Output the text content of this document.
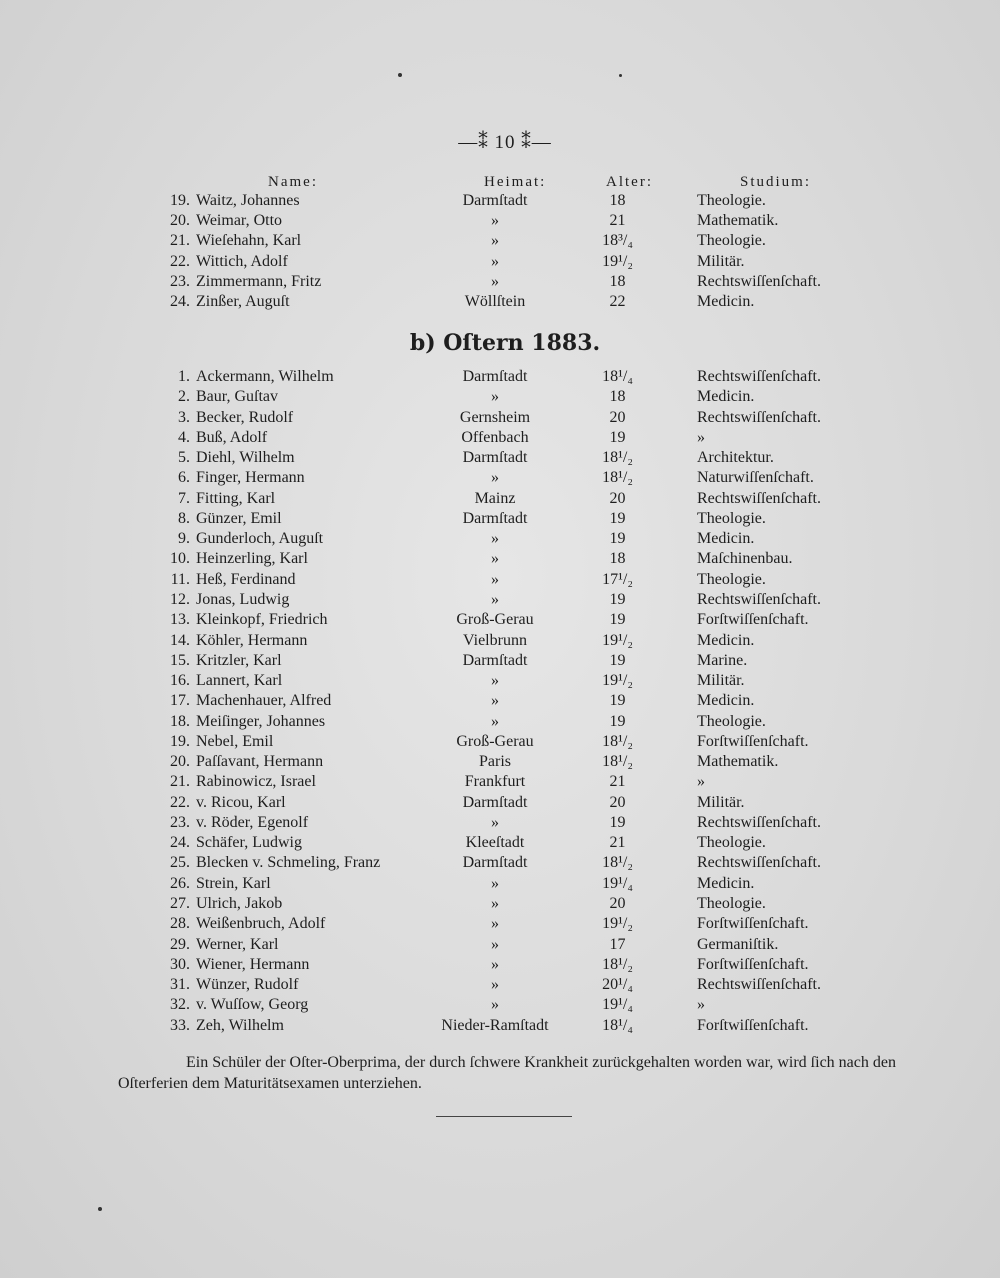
—⁑ 10 ⁑—
Name:	Heimat:	Alter:	Studium:
19. Waitz, Johannes	Darmſtadt	18	Theologie.
20. Weimar, Otto	»	21	Mathematik.
21. Wieſehahn, Karl	»	18³/₄	Theologie.
22. Wittich, Adolf	»	19¹/₂	Militär.
23. Zimmermann, Fritz	»	18	Rechtswiſſenſchaft.
24. Zinßer, Auguſt	Wöllſtein	22	Medicin.
b) Oſtern 1883.
1. Ackermann, Wilhelm	Darmſtadt	18¹/₄	Rechtswiſſenſchaft.
2. Baur, Guſtav	»	18	Medicin.
3. Becker, Rudolf	Gernsheim	20	Rechtswiſſenſchaft.
4. Buß, Adolf	Offenbach	19	»
5. Diehl, Wilhelm	Darmſtadt	18¹/₂	Architektur.
6. Finger, Hermann	»	18¹/₂	Naturwiſſenſchaft.
7. Fitting, Karl	Mainz	20	Rechtswiſſenſchaft.
8. Günzer, Emil	Darmſtadt	19	Theologie.
9. Gunderloch, Auguſt	»	19	Medicin.
10. Heinzerling, Karl	»	18	Maſchinenbau.
11. Heß, Ferdinand	»	17¹/₂	Theologie.
12. Jonas, Ludwig	»	19	Rechtswiſſenſchaft.
13. Kleinkopf, Friedrich	Groß-Gerau	19	Forſtwiſſenſchaft.
14. Köhler, Hermann	Vielbrunn	19¹/₂	Medicin.
15. Kritzler, Karl	Darmſtadt	19	Marine.
16. Lannert, Karl	»	19¹/₂	Militär.
17. Machenhauer, Alfred	»	19	Medicin.
18. Meiſinger, Johannes	»	19	Theologie.
19. Nebel, Emil	Groß-Gerau	18¹/₂	Forſtwiſſenſchaft.
20. Paſſavant, Hermann	Paris	18¹/₂	Mathematik.
21. Rabinowicz, Israel	Frankfurt	21	»
22. v. Ricou, Karl	Darmſtadt	20	Militär.
23. v. Röder, Egenolf	»	19	Rechtswiſſenſchaft.
24. Schäfer, Ludwig	Kleeſtadt	21	Theologie.
25. Blecken v. Schmeling, Franz	Darmſtadt	18¹/₂	Rechtswiſſenſchaft.
26. Strein, Karl	»	19¹/₄	Medicin.
27. Ulrich, Jakob	»	20	Theologie.
28. Weißenbruch, Adolf	»	19¹/₂	Forſtwiſſenſchaft.
29. Werner, Karl	»	17	Germaniſtik.
30. Wiener, Hermann	»	18¹/₂	Forſtwiſſenſchaft.
31. Wünzer, Rudolf	»	20¹/₄	Rechtswiſſenſchaft.
32. v. Wuſſow, Georg	»	19¹/₄	»
33. Zeh, Wilhelm	Nieder-Ramſtadt	18¹/₄	Forſtwiſſenſchaft.
Ein Schüler der Oſter-Oberprima, der durch ſchwere Krankheit zurückgehalten worden war, wird ſich nach den Oſterferien dem Maturitätsexamen unterziehen.
